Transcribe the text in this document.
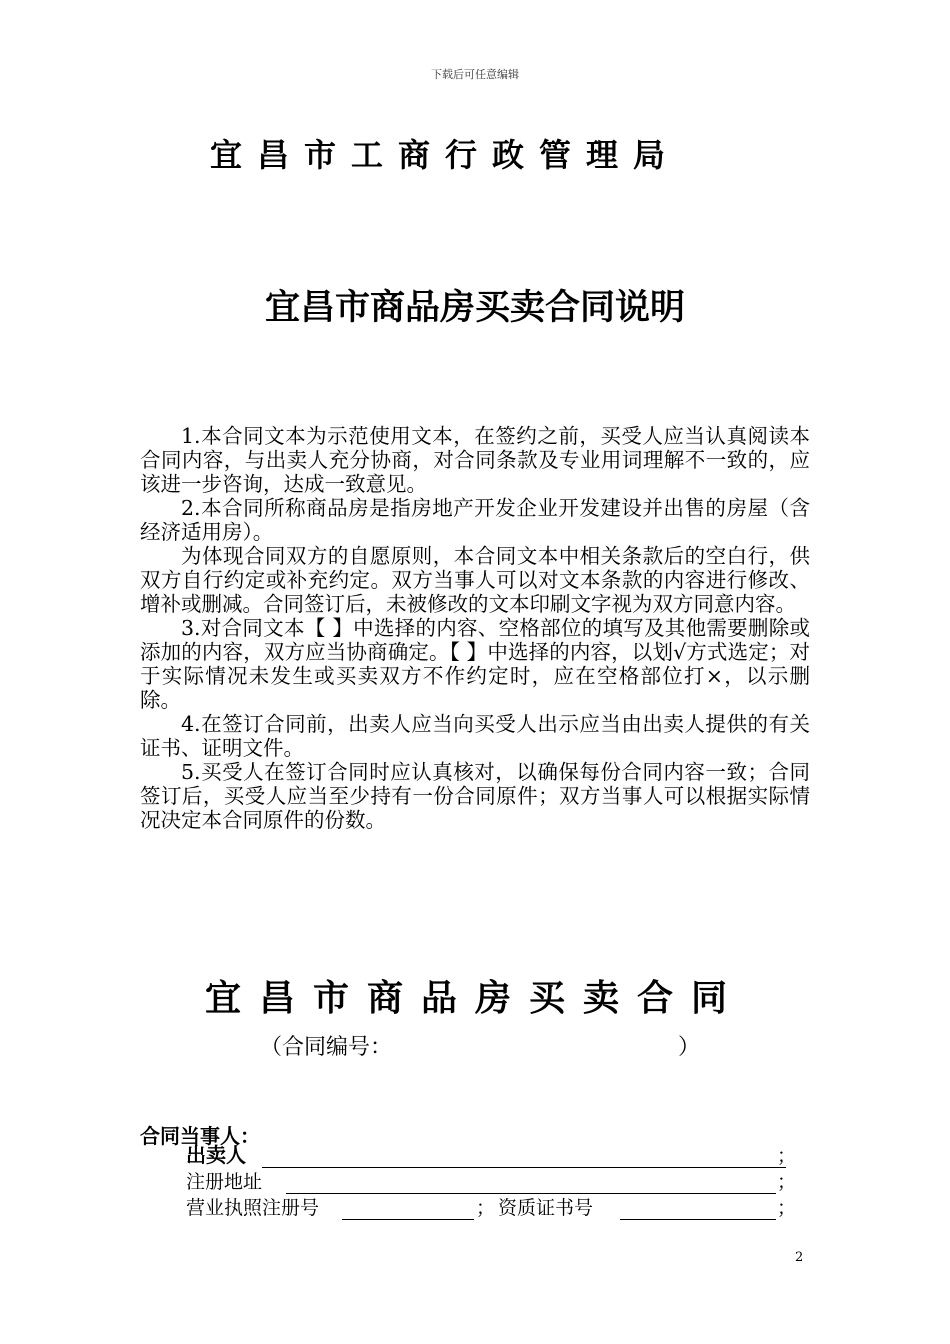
下载后可任意编辑
宜昌市工商行政管理局
宜昌市商品房买卖合同说明

1.本合同文本为示范使用文本，在签约之前，买受人应当认真阅读本合同内容，与出卖人充分协商，对合同条款及专业用词理解不一致的，应该进一步咨询，达成一致意见。

2.本合同所称商品房是指房地产开发企业开发建设并出售的房屋（含经济适用房）。

为体现合同双方的自愿原则，本合同文本中相关条款后的空白行，供双方自行约定或补充约定。双方当事人可以对文本条款的内容进行修改、增补或删减。合同签订后，未被修改的文本印刷文字视为双方同意内容。

3.对合同文本【 】中选择的内容、空格部位的填写及其他需要删除或添加的内容，双方应当协商确定。【 】中选择的内容，以划√方式选定；对于实际情况未发生或买卖双方不作约定时，应在空格部位打×，以示删除。

4.在签订合同前，出卖人应当向买受人出示应当由出卖人提供的有关证书、证明文件。

5.买受人在签订合同时应认真核对，以确保每份合同内容一致；合同签订后，买受人应当至少持有一份合同原件；双方当事人可以根据实际情况决定本合同原件的份数。

宜昌市商品房买卖合同
（合同编号：	）
合同当事人：
出卖人	；
注册地址	；
营业执照注册号	； 资质证书号	；
2
